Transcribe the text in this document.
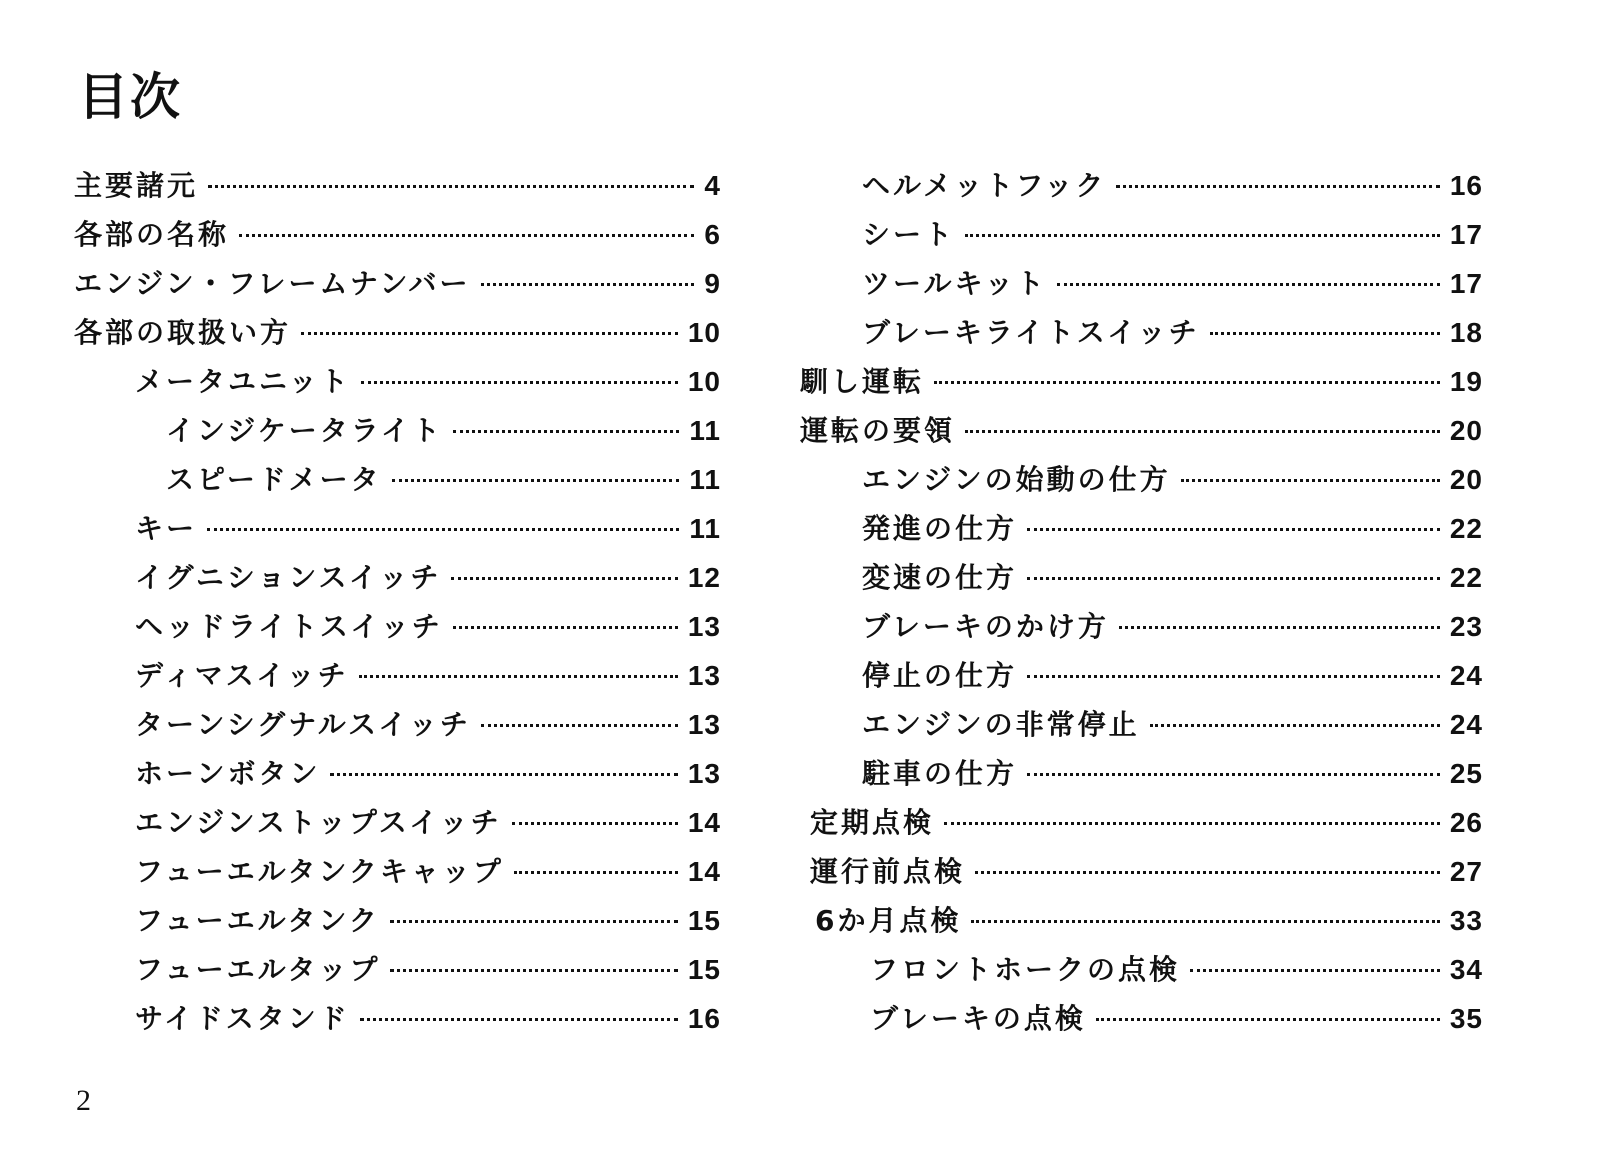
目次
主要諸元	4
各部の名称	6
エンジン・フレームナンバー	9
各部の取扱い方	10
メータユニット	10
インジケータライト	11
スピードメータ	11
キー	11
イグニションスイッチ	12
ヘッドライトスイッチ	13
ディマスイッチ	13
ターンシグナルスイッチ	13
ホーンボタン	13
エンジンストップスイッチ	14
フューエルタンクキャップ	14
フューエルタンク	15
フューエルタップ	15
サイドスタンド	16
ヘルメットフック	16
シート	17
ツールキット	17
ブレーキライトスイッチ	18
馴し運転	19
運転の要領	20
エンジンの始動の仕方	20
発進の仕方	22
変速の仕方	22
ブレーキのかけ方	23
停止の仕方	24
エンジンの非常停止	24
駐車の仕方	25
定期点検	26
運行前点検	27
6か月点検	33
フロントホークの点検	34
ブレーキの点検	35
2
